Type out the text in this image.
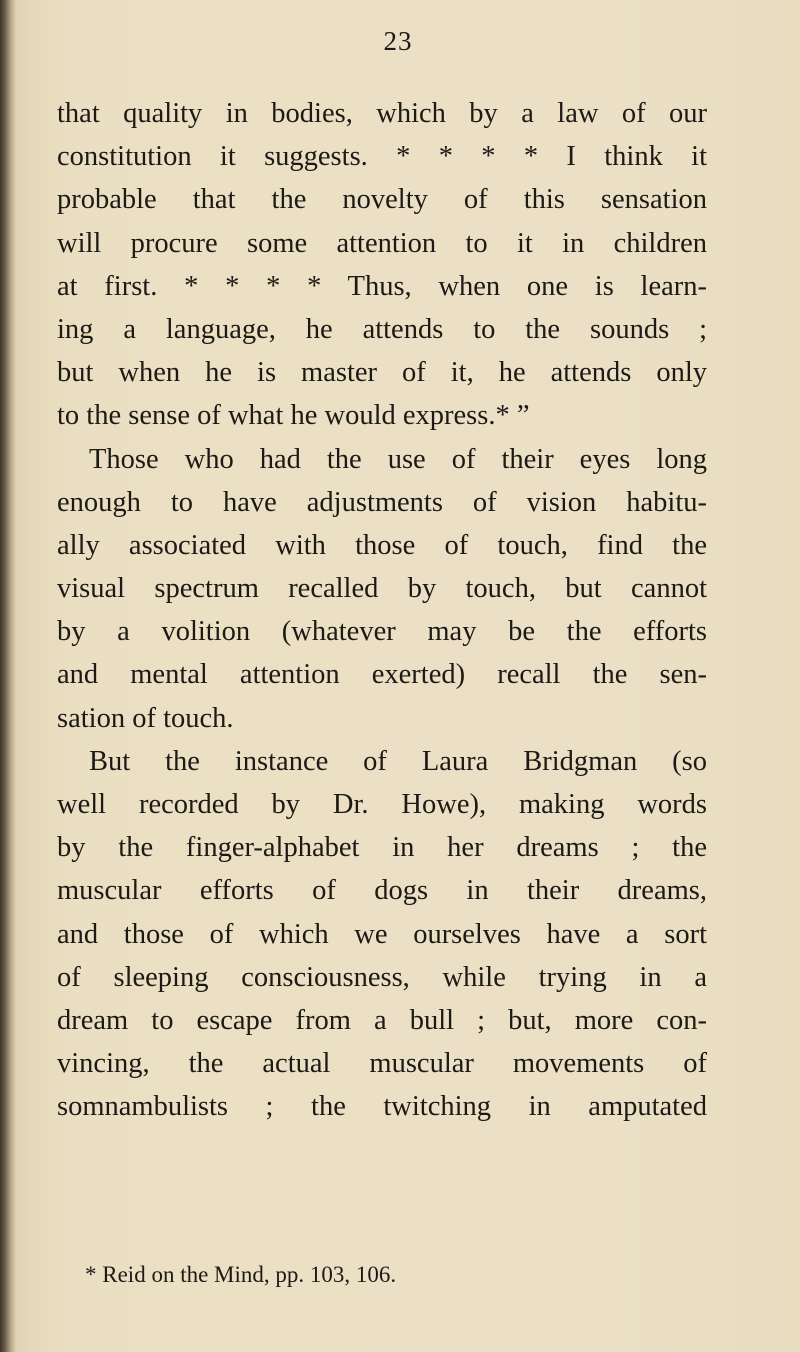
23
that quality in bodies, which by a law of our
constitution it suggests. * * * * I think it
probable that the novelty of this sensation
will procure some attention to it in children
at first. * * * * Thus, when one is learn-
ing a language, he attends to the sounds ;
but when he is master of it, he attends only
to the sense of what he would express.* ”
Those who had the use of their eyes long
enough to have adjustments of vision habitu-
ally associated with those of touch, find the
visual spectrum recalled by touch, but cannot
by a volition (whatever may be the efforts
and mental attention exerted) recall the sen-
sation of touch.
But the instance of Laura Bridgman (so
well recorded by Dr. Howe), making words
by the finger-alphabet in her dreams ; the
muscular efforts of dogs in their dreams,
and those of which we ourselves have a sort
of sleeping consciousness, while trying in a
dream to escape from a bull ; but, more con-
vincing, the actual muscular movements of
somnambulists ; the twitching in amputated
* Reid on the Mind, pp. 103, 106.
